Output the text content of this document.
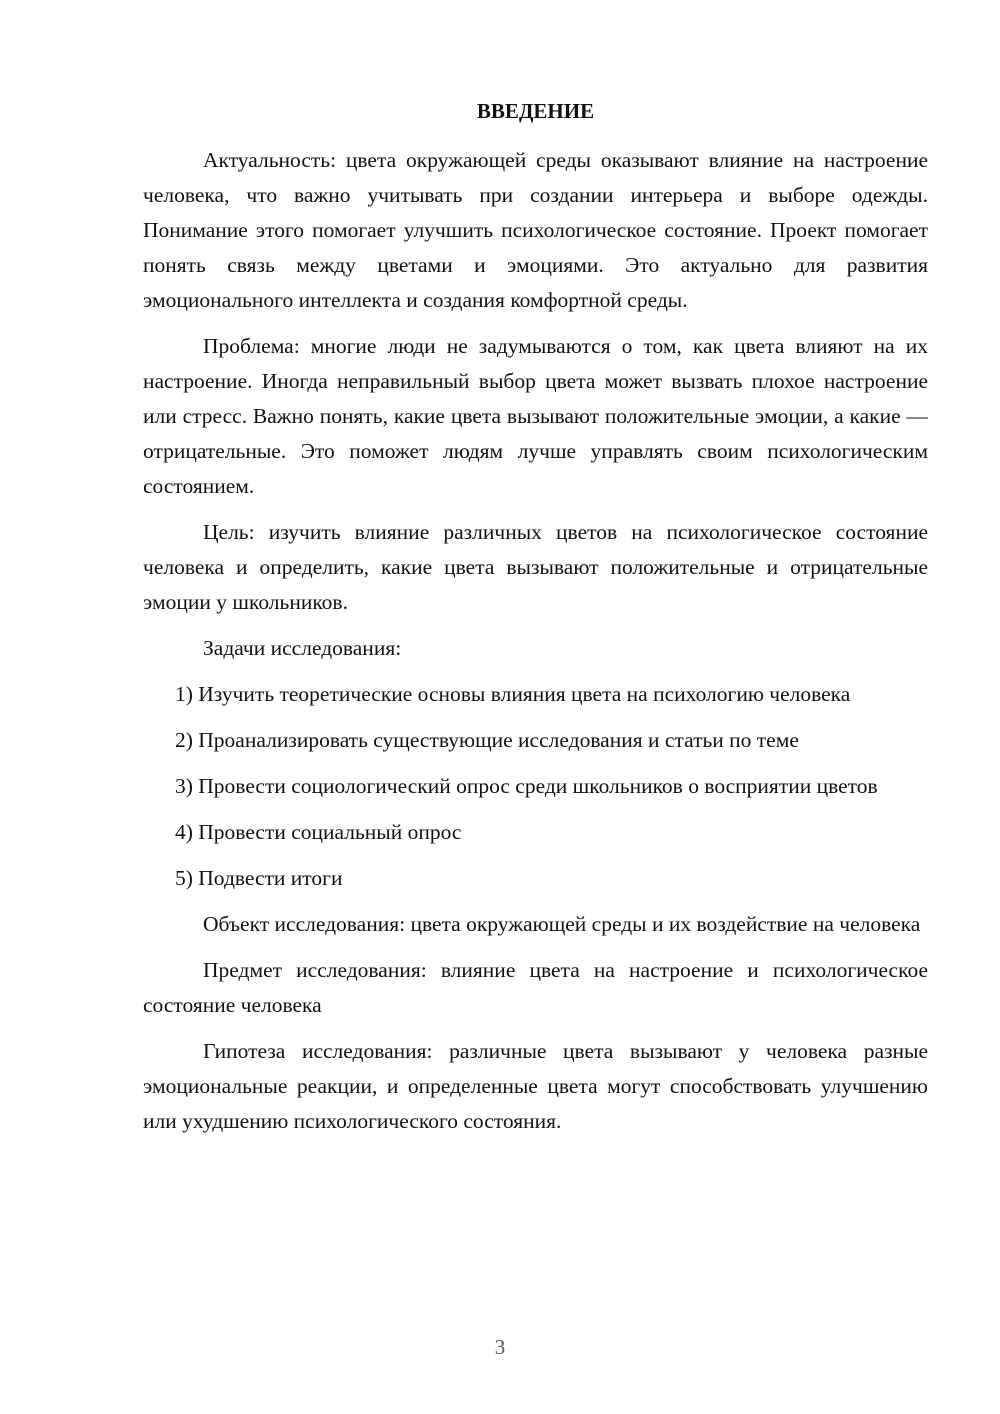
ВВЕДЕНИЕ

Актуальность: цвета окружающей среды оказывают влияние на настроение человека, что важно учитывать при создании интерьера и выборе одежды. Понимание этого помогает улучшить психологическое состояние. Проект помогает понять связь между цветами и эмоциями. Это актуально для развития эмоционального интеллекта и создания комфортной среды.

Проблема: многие люди не задумываются о том, как цвета влияют на их настроение. Иногда неправильный выбор цвета может вызвать плохое настроение или стресс. Важно понять, какие цвета вызывают положительные эмоции, а какие — отрицательные. Это поможет людям лучше управлять своим психологическим состоянием.

Цель: изучить влияние различных цветов на психологическое состояние человека и определить, какие цвета вызывают положительные и отрицательные эмоции у школьников.

Задачи исследования:

1) Изучить теоретические основы влияния цвета на психологию человека

2) Проанализировать существующие исследования и статьи по теме

3) Провести социологический опрос среди школьников о восприятии цветов

4) Провести социальный опрос

5) Подвести итоги

Объект исследования: цвета окружающей среды и их воздействие на человека

Предмет исследования: влияние цвета на настроение и психологическое состояние человека

Гипотеза исследования: различные цвета вызывают у человека разные эмоциональные реакции, и определенные цвета могут способствовать улучшению или ухудшению психологического состояния.

3
